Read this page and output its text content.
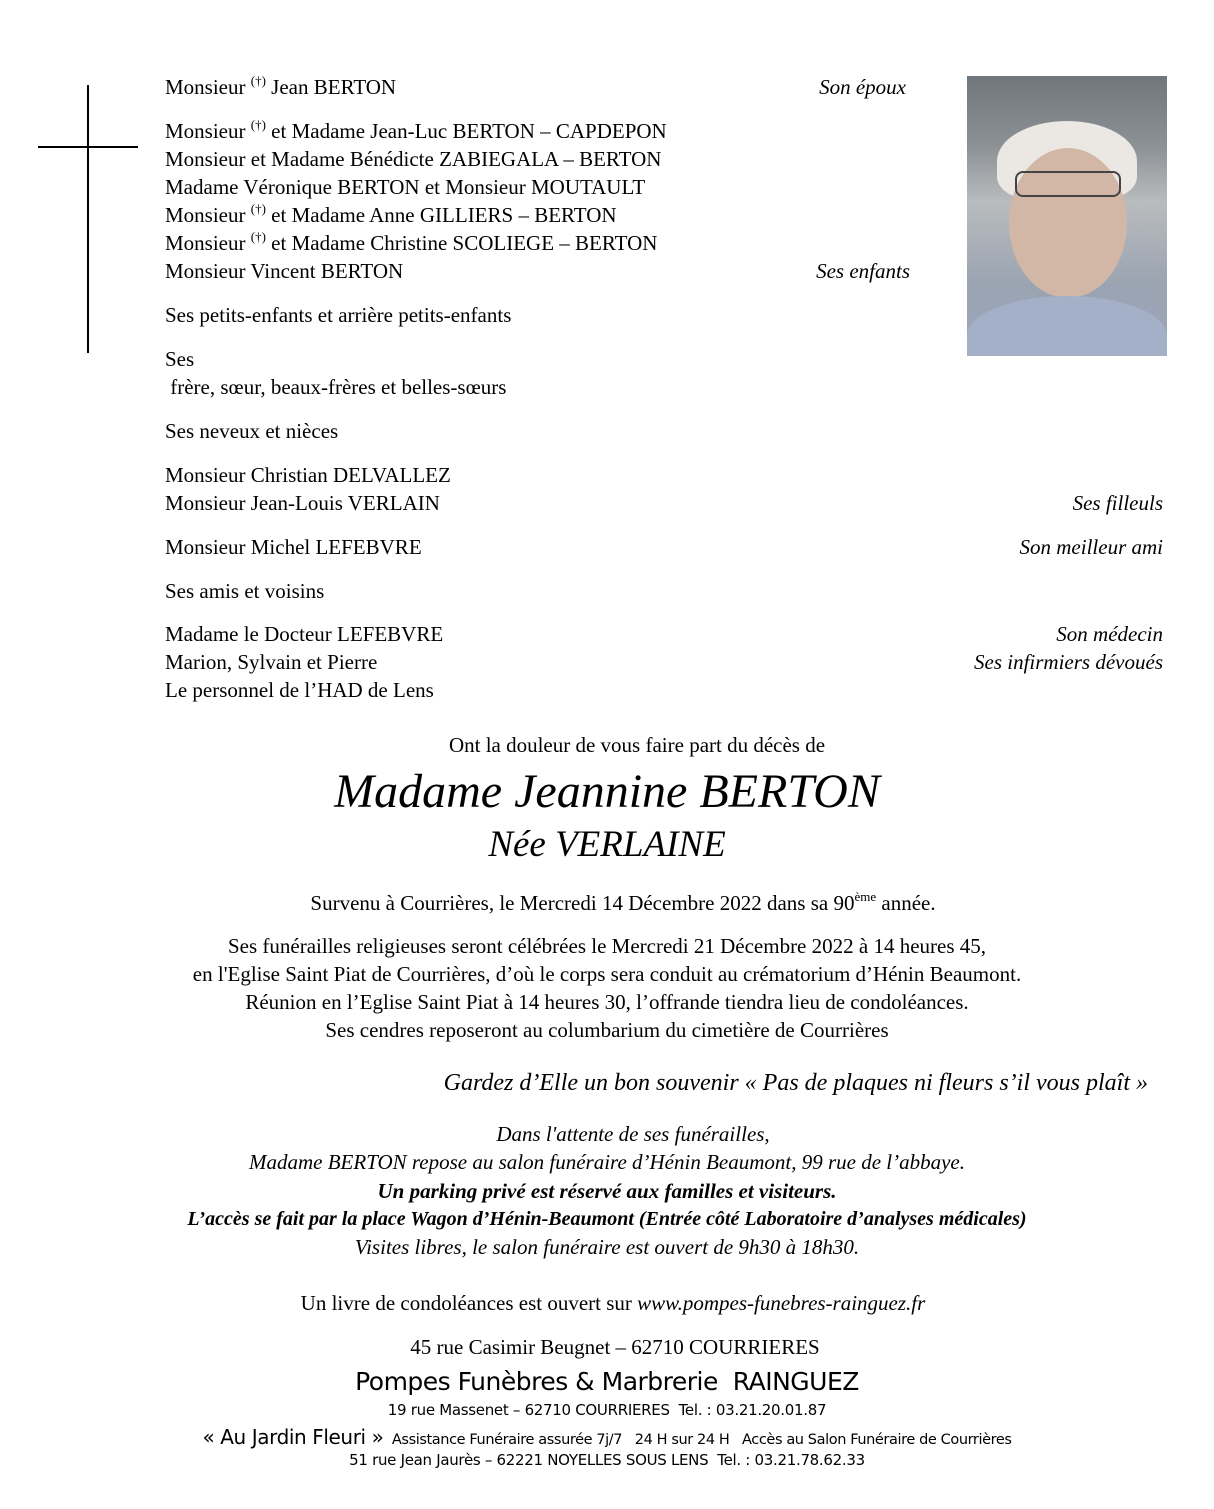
Monsieur (†) Jean BERTON
Monsieur (†) et Madame Jean-Luc BERTON – CAPDEPON
Monsieur et Madame Bénédicte ZABIEGALA – BERTON
Madame Véronique BERTON et Monsieur MOUTAULT
Monsieur (†) et Madame Anne GILLIERS – BERTON
Monsieur (†) et Madame Christine SCOLIEGE – BERTON
Monsieur Vincent BERTON
Ses petits-enfants et arrière petits-enfants
Ses
frère, sœur, beaux-frères et belles-sœurs
Ses neveux et nièces
Monsieur Christian DELVALLEZ
Monsieur Jean-Louis VERLAIN
Monsieur Michel LEFEBVRE
Ses amis et voisins
Madame le Docteur LEFEBVRE
Marion, Sylvain et Pierre
Le personnel de l’HAD de Lens
Son époux
Ses enfants
Ses filleuls
Son meilleur ami
Son médecin
Ses infirmiers dévoués
Ont la douleur de vous faire part du décès de
Madame Jeannine BERTON
Née VERLAINE
Survenu à Courrières, le Mercredi 14 Décembre 2022 dans sa 90ème année.
Ses funérailles religieuses seront célébrées le Mercredi 21 Décembre 2022 à 14 heures 45,
en l'Eglise Saint Piat de Courrières, d’où le corps sera conduit au crématorium d’Hénin Beaumont.
Réunion en l’Eglise Saint Piat à 14 heures 30, l’offrande tiendra lieu de condoléances.
Ses cendres reposeront au columbarium du cimetière de Courrières
Gardez d’Elle un bon souvenir « Pas de plaques ni fleurs s’il vous plaît »
Dans l'attente de ses funérailles,
Madame BERTON repose au salon funéraire d’Hénin Beaumont, 99 rue de l’abbaye.
Un parking privé est réservé aux familles et visiteurs.
L’accès se fait par la place Wagon d’Hénin-Beaumont (Entrée côté Laboratoire d’analyses médicales)
Visites libres, le salon funéraire est ouvert de 9h30 à 18h30.
Un livre de condoléances est ouvert sur www.pompes-funebres-rainguez.fr
45 rue Casimir Beugnet – 62710 COURRIERES
Pompes Funèbres & Marbrerie  RAINGUEZ
19 rue Massenet – 62710 COURRIERES  Tel. : 03.21.20.01.87
« Au Jardin Fleuri »  Assistance Funéraire assurée 7j/7   24 H sur 24 H   Accès au Salon Funéraire de Courrières
51 rue Jean Jaurès – 62221 NOYELLES SOUS LENS  Tel. : 03.21.78.62.33
